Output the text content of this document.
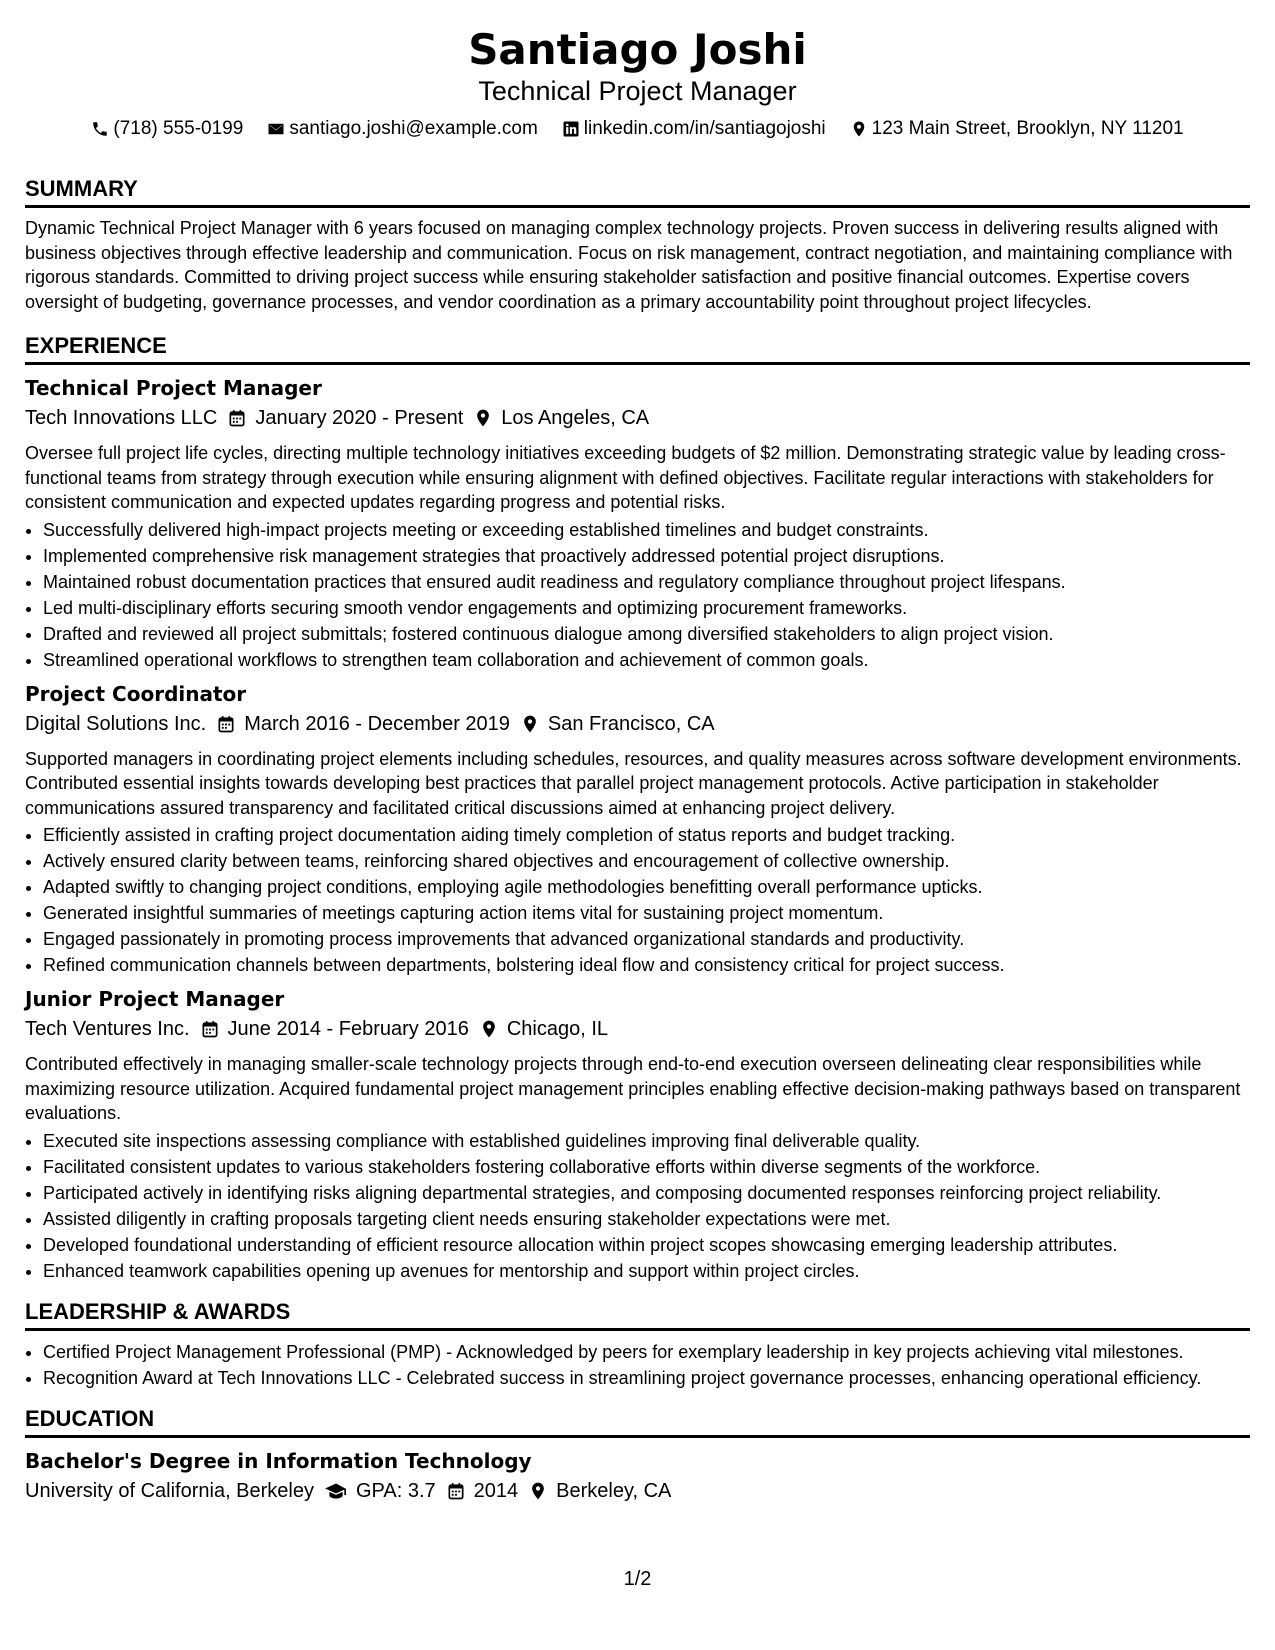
Santiago Joshi
Technical Project Manager
(718) 555-0199 santiago.joshi@example.com linkedin.com/in/santiagojoshi 123 Main Street, Brooklyn, NY 11201
SUMMARY
Dynamic Technical Project Manager with 6 years focused on managing complex technology projects. Proven success in delivering results aligned with business objectives through effective leadership and communication. Focus on risk management, contract negotiation, and maintaining compliance with rigorous standards. Committed to driving project success while ensuring stakeholder satisfaction and positive financial outcomes. Expertise covers oversight of budgeting, governance processes, and vendor coordination as a primary accountability point throughout project lifecycles.
EXPERIENCE
Technical Project Manager
Tech Innovations LLC January 2020 - Present Los Angeles, CA
Oversee full project life cycles, directing multiple technology initiatives exceeding budgets of $2 million. Demonstrating strategic value by leading cross-functional teams from strategy through execution while ensuring alignment with defined objectives. Facilitate regular interactions with stakeholders for consistent communication and expected updates regarding progress and potential risks.
• Successfully delivered high-impact projects meeting or exceeding established timelines and budget constraints.
• Implemented comprehensive risk management strategies that proactively addressed potential project disruptions.
• Maintained robust documentation practices that ensured audit readiness and regulatory compliance throughout project lifespans.
• Led multi-disciplinary efforts securing smooth vendor engagements and optimizing procurement frameworks.
• Drafted and reviewed all project submittals; fostered continuous dialogue among diversified stakeholders to align project vision.
• Streamlined operational workflows to strengthen team collaboration and achievement of common goals.
Project Coordinator
Digital Solutions Inc. March 2016 - December 2019 San Francisco, CA
Supported managers in coordinating project elements including schedules, resources, and quality measures across software development environments. Contributed essential insights towards developing best practices that parallel project management protocols. Active participation in stakeholder communications assured transparency and facilitated critical discussions aimed at enhancing project delivery.
• Efficiently assisted in crafting project documentation aiding timely completion of status reports and budget tracking.
• Actively ensured clarity between teams, reinforcing shared objectives and encouragement of collective ownership.
• Adapted swiftly to changing project conditions, employing agile methodologies benefitting overall performance upticks.
• Generated insightful summaries of meetings capturing action items vital for sustaining project momentum.
• Engaged passionately in promoting process improvements that advanced organizational standards and productivity.
• Refined communication channels between departments, bolstering ideal flow and consistency critical for project success.
Junior Project Manager
Tech Ventures Inc. June 2014 - February 2016 Chicago, IL
Contributed effectively in managing smaller-scale technology projects through end-to-end execution overseen delineating clear responsibilities while maximizing resource utilization. Acquired fundamental project management principles enabling effective decision-making pathways based on transparent evaluations.
• Executed site inspections assessing compliance with established guidelines improving final deliverable quality.
• Facilitated consistent updates to various stakeholders fostering collaborative efforts within diverse segments of the workforce.
• Participated actively in identifying risks aligning departmental strategies, and composing documented responses reinforcing project reliability.
• Assisted diligently in crafting proposals targeting client needs ensuring stakeholder expectations were met.
• Developed foundational understanding of efficient resource allocation within project scopes showcasing emerging leadership attributes.
• Enhanced teamwork capabilities opening up avenues for mentorship and support within project circles.
LEADERSHIP & AWARDS
• Certified Project Management Professional (PMP) - Acknowledged by peers for exemplary leadership in key projects achieving vital milestones.
• Recognition Award at Tech Innovations LLC - Celebrated success in streamlining project governance processes, enhancing operational efficiency.
EDUCATION
Bachelor's Degree in Information Technology
University of California, Berkeley GPA: 3.7 2014 Berkeley, CA
1/2
